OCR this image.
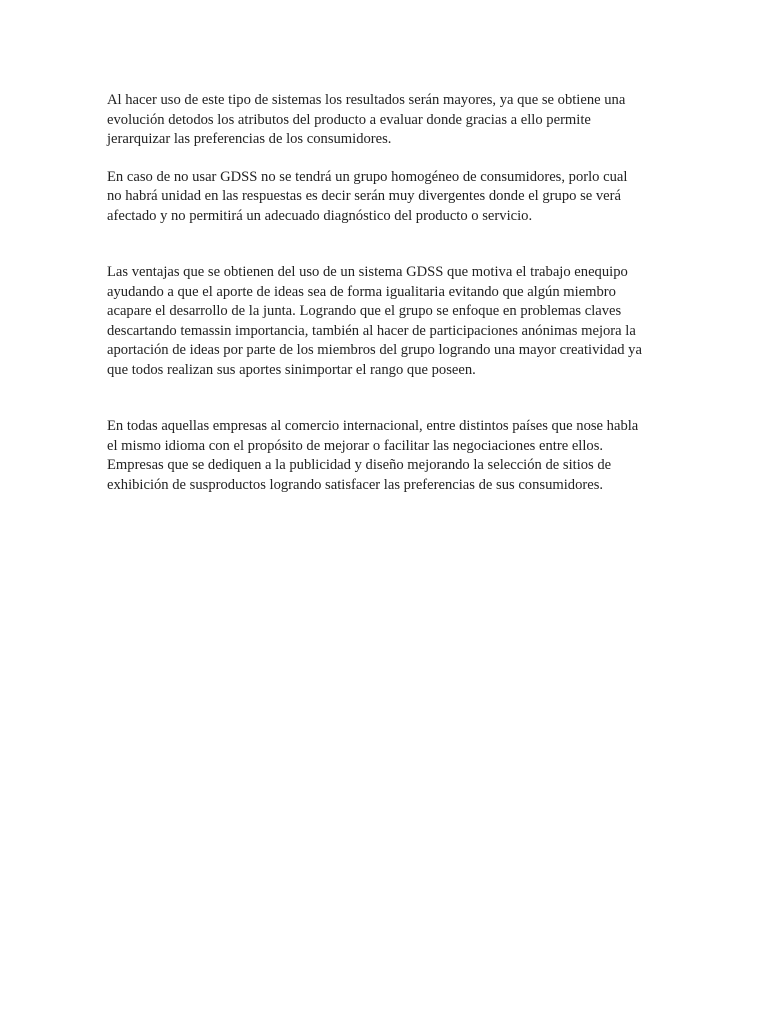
Al hacer uso de este tipo de sistemas los resultados serán mayores, ya que se obtiene una
evolución detodos los atributos del producto a evaluar donde gracias a ello permite
jerarquizar las preferencias de los consumidores.

En caso de no usar GDSS no se tendrá un grupo homogéneo de consumidores, porlo cual
no habrá unidad en las respuestas es decir serán muy divergentes donde el grupo se verá
afectado y no permitirá un adecuado diagnóstico del producto o servicio.

Las ventajas que se obtienen del uso de un sistema GDSS que motiva el trabajo enequipo
ayudando a que el aporte de ideas sea de forma igualitaria evitando que algún miembro
acapare el desarrollo de la junta. Logrando que el grupo se enfoque en problemas claves
descartando temassin importancia, también al hacer de participaciones anónimas mejora la
aportación de ideas por parte de los miembros del grupo logrando una mayor creatividad ya
que todos realizan sus aportes sinimportar el rango que poseen.

En todas aquellas empresas al comercio internacional, entre distintos países que nose habla
el mismo idioma con el propósito de mejorar o facilitar las negociaciones entre ellos.
Empresas que se dediquen a la publicidad y diseño mejorando la selección de sitios de
exhibición de susproductos logrando satisfacer las preferencias de sus consumidores.
